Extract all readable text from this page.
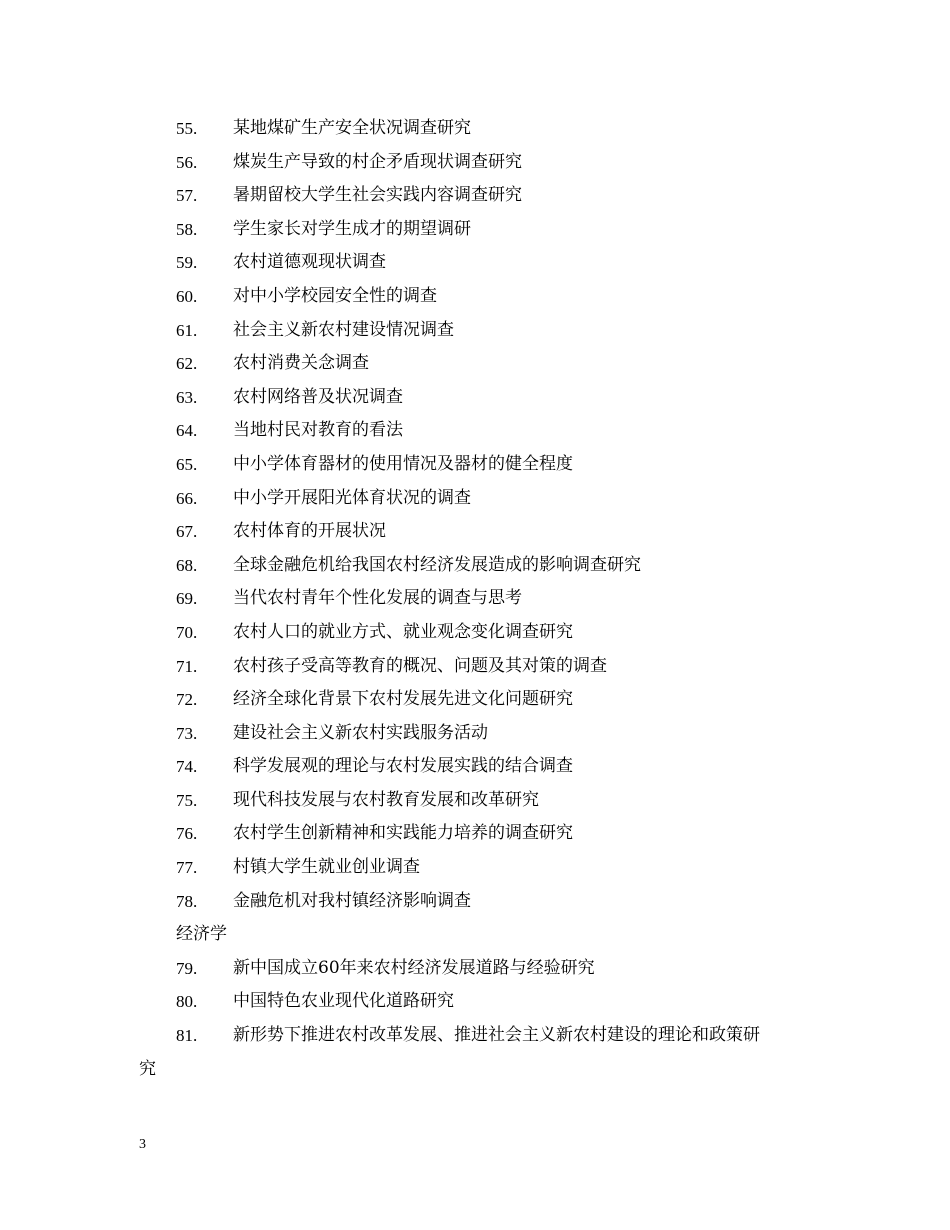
55. 某地煤矿生产安全状况调查研究
56. 煤炭生产导致的村企矛盾现状调查研究
57. 暑期留校大学生社会实践内容调查研究
58. 学生家长对学生成才的期望调研
59. 农村道德观现状调查
60. 对中小学校园安全性的调查
61. 社会主义新农村建设情况调查
62. 农村消费关念调查
63. 农村网络普及状况调查
64. 当地村民对教育的看法
65. 中小学体育器材的使用情况及器材的健全程度
66. 中小学开展阳光体育状况的调查
67. 农村体育的开展状况
68. 全球金融危机给我国农村经济发展造成的影响调查研究
69. 当代农村青年个性化发展的调查与思考
70. 农村人口的就业方式、就业观念变化调查研究
71. 农村孩子受高等教育的概况、问题及其对策的调查
72. 经济全球化背景下农村发展先进文化问题研究
73. 建设社会主义新农村实践服务活动
74. 科学发展观的理论与农村发展实践的结合调查
75. 现代科技发展与农村教育发展和改革研究
76. 农村学生创新精神和实践能力培养的调查研究
77. 村镇大学生就业创业调查
78. 金融危机对我村镇经济影响调查
经济学
79. 新中国成立60年来农村经济发展道路与经验研究
80. 中国特色农业现代化道路研究
81. 新形势下推进农村改革发展、推进社会主义新农村建设的理论和政策研
究
3
